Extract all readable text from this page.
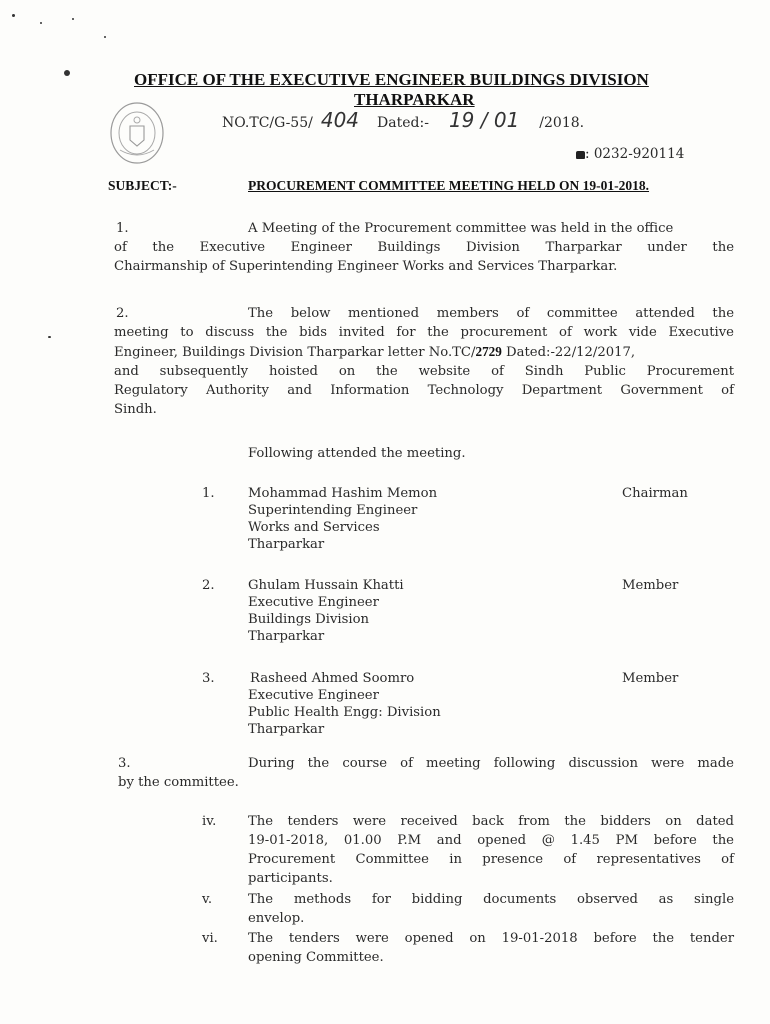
OFFICE OF THE EXECUTIVE ENGINEER BUILDINGS DIVISION
THARPARKAR
NO.TC/G-55/ 404 Dated:- 19 / 01 /2018.
: 0232-920114
SUBJECT:-	PROCUREMENT COMMITTEE MEETING HELD ON 19-01-2018.
1.	A Meeting of the Procurement committee was held in the office
of the Executive Engineer Buildings Division Tharparkar under the
Chairmanship of Superintending Engineer Works and Services Tharparkar.
2.	The below mentioned members of committee attended the
meeting to discuss the bids invited for the procurement of work vide Executive
Engineer, Buildings Division Tharparkar letter No.TC/2729 Dated:-22/12/2017,
and subsequently hoisted on the website of Sindh Public Procurement
Regulatory Authority and Information Technology Department Government of
Sindh.
Following attended the meeting.
1.	Mohammad Hashim Memon
Superintending Engineer
Works and Services
Tharparkar
Chairman
2.	Ghulam Hussain Khatti
Executive Engineer
Buildings Division
Tharparkar
Member
3.	Rasheed Ahmed Soomro
Executive Engineer
Public Health Engg: Division
Tharparkar
Member
3.	During the course of meeting following discussion were made
by the committee.
iv. The tenders were received back from the bidders on dated
19-01-2018, 01.00 P.M and opened @ 1.45 PM before the
Procurement Committee in presence of representatives of
participants.
v.	The methods for bidding documents observed as single
envelop.
vi. The tenders were opened on 19-01-2018 before the tender
opening Committee.
